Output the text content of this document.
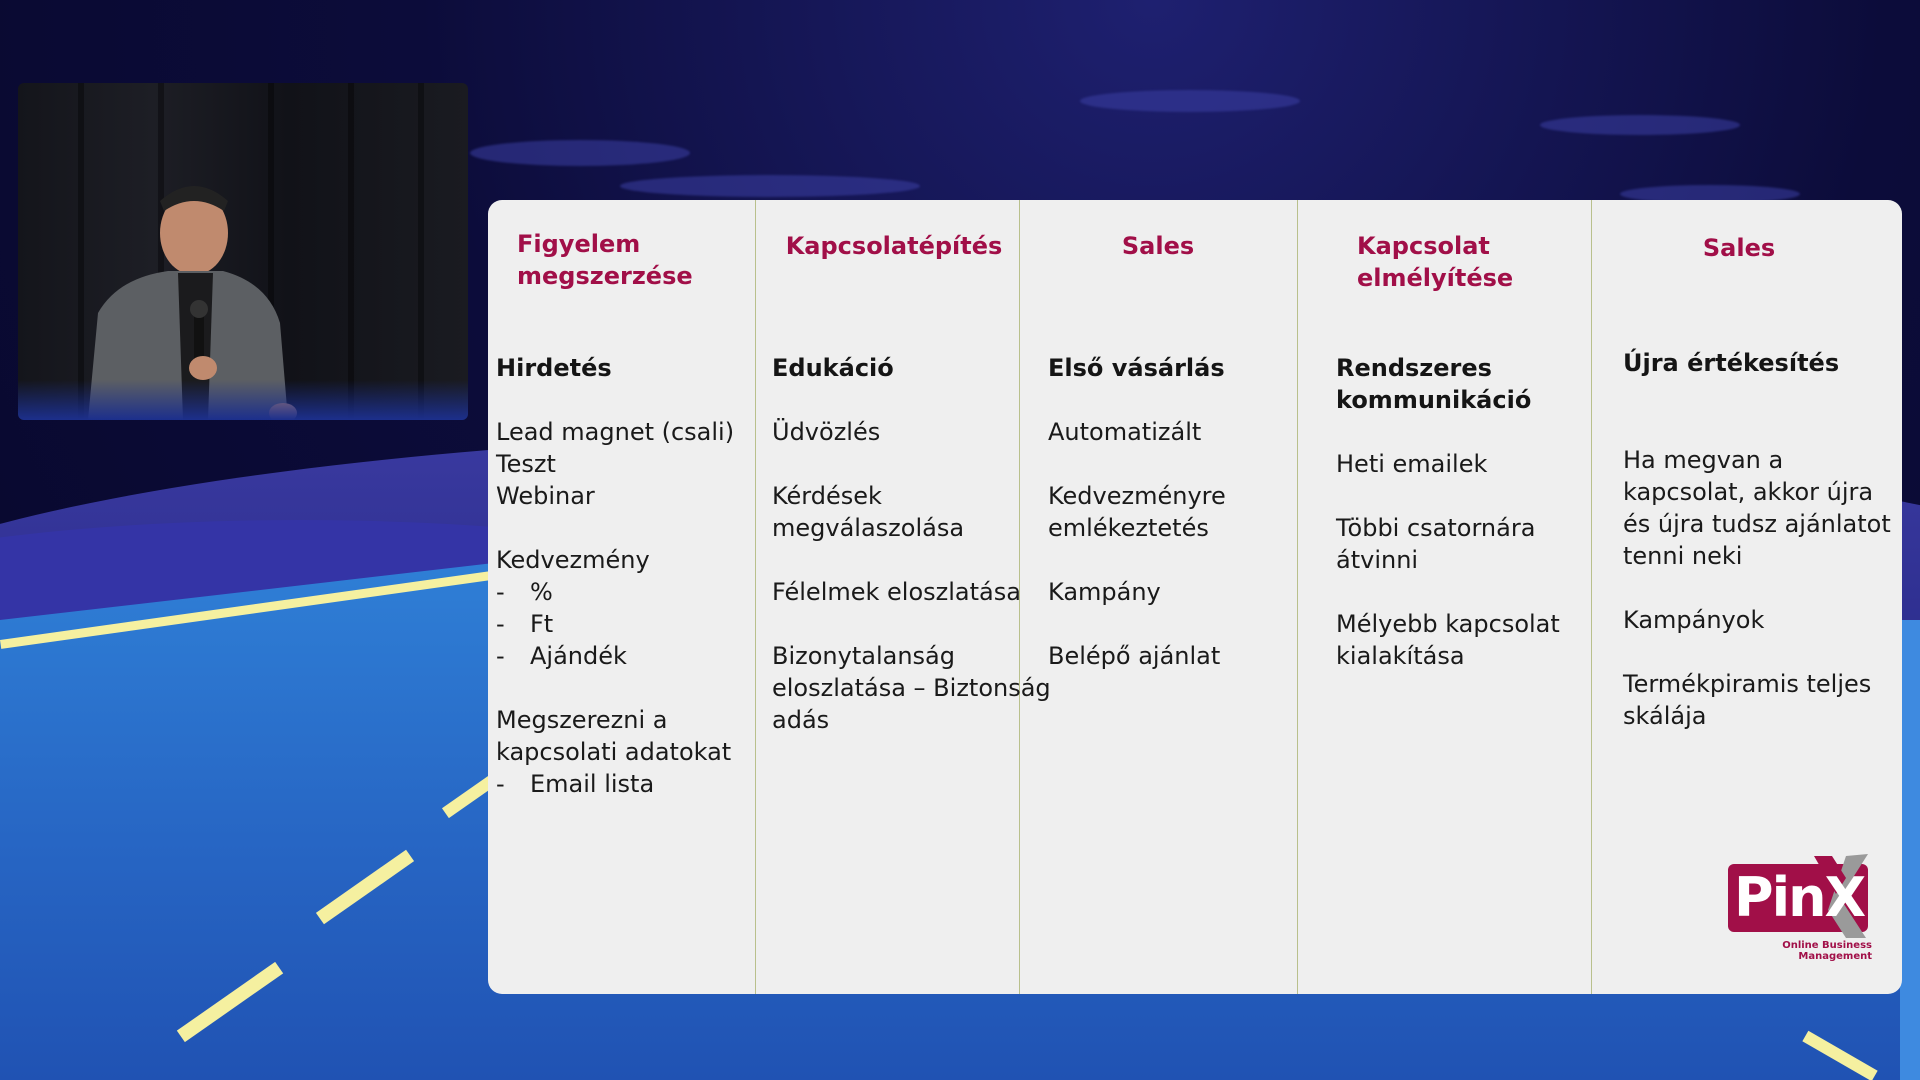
Figyelem megszerzése
Hirdetés
Lead magnet (csali)
Teszt
Webinar
Kedvezmény
- %
- Ft
- Ajándék
Megszerezni a
kapcsolati adatokat
- Email lista
Kapcsolatépítés
Edukáció
Üdvözlés
Kérdések
megválaszolása
Félelmek eloszlatása
Bizonytalanság
eloszlatása – Biztonság
adás
Sales
Első vásárlás
Automatizált
Kedvezményre
emlékeztetés
Kampány
Belépő ajánlat
Kapcsolat elmélyítése
Rendszeres kommunikáció
Heti emailek
Többi csatornára
átvinni
Mélyebb kapcsolat
kialakítása
Sales
Újra értékesítés
Ha megvan a
kapcsolat, akkor újra
és újra tudsz ajánlatot
tenni neki
Kampányok
Termékpiramis teljes
skálája
PinX
Online Business Management
